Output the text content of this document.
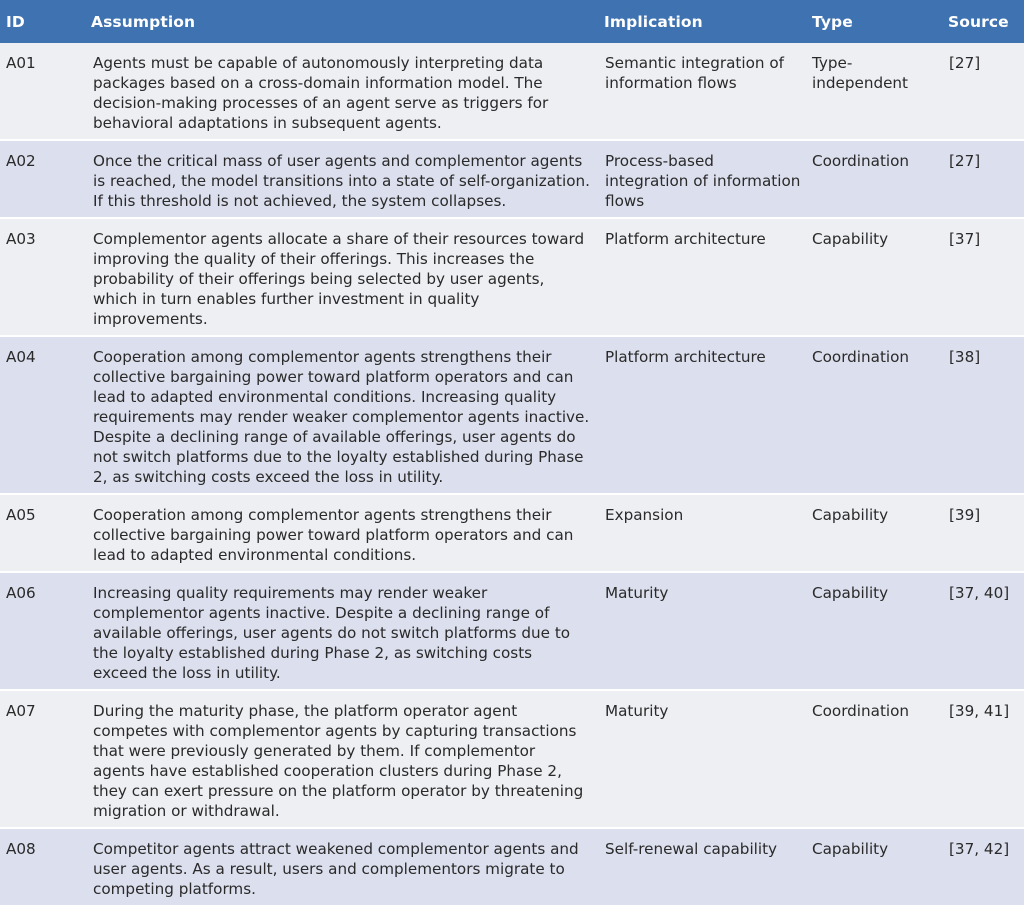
ID	Assumption	Implication	Type	Source
A01	Agents must be capable of autonomously interpreting data packages based on a cross-domain information model. The decision-making processes of an agent serve as triggers for behavioral adaptations in subsequent agents.	Semantic integration of information flows	Type-independent	[27]
A02	Once the critical mass of user agents and complementor agents is reached, the model transitions into a state of self-organization. If this threshold is not achieved, the system collapses.	Process-based integration of information flows	Coordination	[27]
A03	Complementor agents allocate a share of their resources toward improving the quality of their offerings. This increases the probability of their offerings being selected by user agents, which in turn enables further investment in quality improvements.	Platform architecture	Capability	[37]
A04	Cooperation among complementor agents strengthens their collective bargaining power toward platform operators and can lead to adapted environmental conditions. Increasing quality requirements may render weaker complementor agents inactive. Despite a declining range of available offerings, user agents do not switch platforms due to the loyalty established during Phase 2, as switching costs exceed the loss in utility.	Platform architecture	Coordination	[38]
A05	Cooperation among complementor agents strengthens their collective bargaining power toward platform operators and can lead to adapted environmental conditions.	Expansion	Capability	[39]
A06	Increasing quality requirements may render weaker complementor agents inactive. Despite a declining range of available offerings, user agents do not switch platforms due to the loyalty established during Phase 2, as switching costs exceed the loss in utility.	Maturity	Capability	[37, 40]
A07	During the maturity phase, the platform operator agent competes with complementor agents by capturing transactions that were previously generated by them. If complementor agents have established cooperation clusters during Phase 2, they can exert pressure on the platform operator by threatening migration or withdrawal.	Maturity	Coordination	[39, 41]
A08	Competitor agents attract weakened complementor agents and user agents. As a result, users and complementors migrate to competing platforms.	Self-renewal capability	Capability	[37, 42]
